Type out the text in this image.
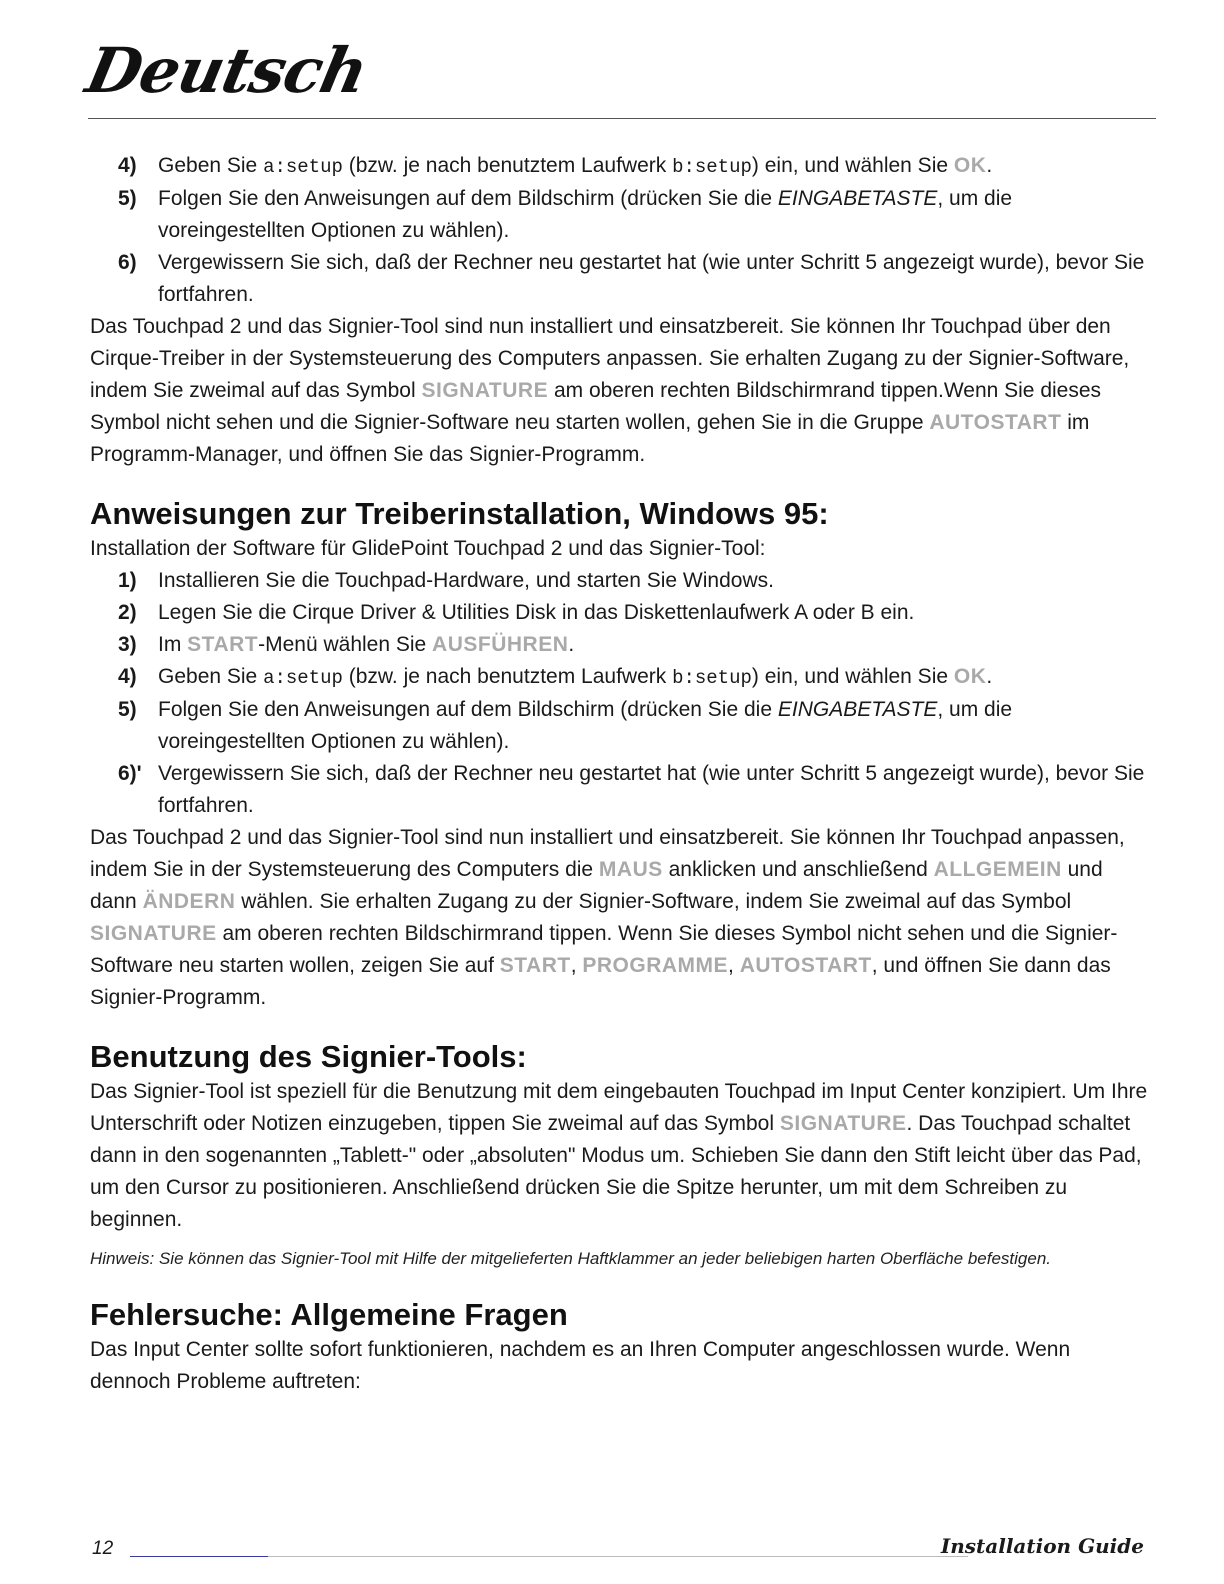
Deutsch
4) Geben Sie a:setup (bzw. je nach benutztem Laufwerk b:setup) ein, und wählen Sie OK.
5) Folgen Sie den Anweisungen auf dem Bildschirm (drücken Sie die EINGABETASTE, um die voreingestellten Optionen zu wählen).
6) Vergewissern Sie sich, daß der Rechner neu gestartet hat (wie unter Schritt 5 angezeigt wurde), bevor Sie fortfahren.

Das Touchpad 2 und das Signier-Tool sind nun installiert und einsatzbereit. Sie können Ihr Touchpad über den Cirque-Treiber in der Systemsteuerung des Computers anpassen. Sie erhalten Zugang zu der Signier-Software, indem Sie zweimal auf das Symbol SIGNATURE am oberen rechten Bildschirmrand tippen.Wenn Sie dieses Symbol nicht sehen und die Signier-Software neu starten wollen, gehen Sie in die Gruppe AUTOSTART im Programm-Manager, und öffnen Sie das Signier-Programm.

Anweisungen zur Treiberinstallation, Windows 95:

Installation der Software für GlidePoint Touchpad 2 und das Signier-Tool:

1) Installieren Sie die Touchpad-Hardware, und starten Sie Windows.
2) Legen Sie die Cirque Driver & Utilities Disk in das Diskettenlaufwerk A oder B ein.
3) Im START-Menü wählen Sie AUSFÜHREN.
4) Geben Sie a:setup (bzw. je nach benutztem Laufwerk b:setup) ein, und wählen Sie OK.
5) Folgen Sie den Anweisungen auf dem Bildschirm (drücken Sie die EINGABETASTE, um die voreingestellten Optionen zu wählen).
6)' Vergewissern Sie sich, daß der Rechner neu gestartet hat (wie unter Schritt 5 angezeigt wurde), bevor Sie fortfahren.

Das Touchpad 2 und das Signier-Tool sind nun installiert und einsatzbereit. Sie können Ihr Touchpad anpassen, indem Sie in der Systemsteuerung des Computers die MAUS anklicken und anschließend ALLGEMEIN und dann ÄNDERN wählen. Sie erhalten Zugang zu der Signier-Software, indem Sie zweimal auf das Symbol SIGNATURE am oberen rechten Bildschirmrand tippen. Wenn Sie dieses Symbol nicht sehen und die Signier-Software neu starten wollen, zeigen Sie auf START, PROGRAMME, AUTOSTART, und öffnen Sie dann das Signier-Programm.

Benutzung des Signier-Tools:

Das Signier-Tool ist speziell für die Benutzung mit dem eingebauten Touchpad im Input Center konzipiert. Um Ihre Unterschrift oder Notizen einzugeben, tippen Sie zweimal auf das Symbol SIGNATURE. Das Touchpad schaltet dann in den sogenannten „Tablett-" oder „absoluten" Modus um. Schieben Sie dann den Stift leicht über das Pad, um den Cursor zu positionieren. Anschließend drücken Sie die Spitze herunter, um mit dem Schreiben zu beginnen.

Hinweis: Sie können das Signier-Tool mit Hilfe der mitgelieferten Haftklammer an jeder beliebigen harten Oberfläche befestigen.

Fehlersuche: Allgemeine Fragen

Das Input Center sollte sofort funktionieren, nachdem es an Ihren Computer angeschlossen wurde. Wenn dennoch Probleme auftreten:

12	Installation Guide
